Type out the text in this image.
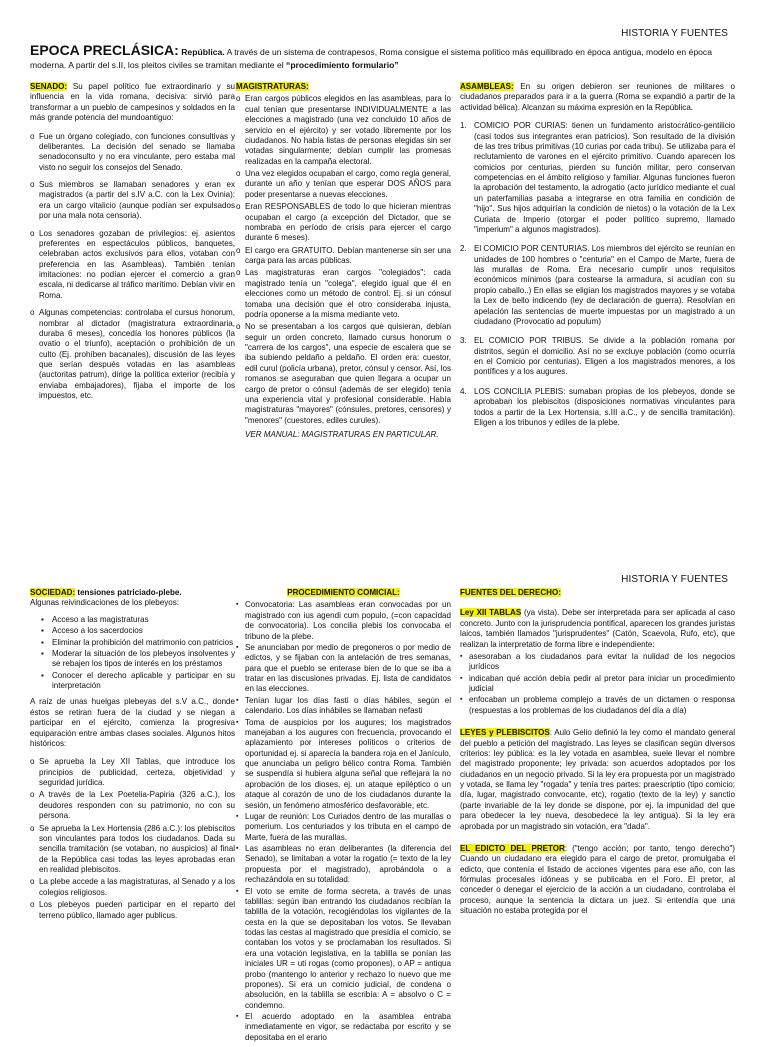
HISTORIA Y FUENTES
EPOCA PRECLÁSICA: República. A través de un sistema de contrapesos, Roma consigue el sistema político más equilibrado en época antigua, modelo en época moderna. A partir del s.II, los pleitos civiles se tramitan mediante el “procedimiento formulario”

SENADO: Su papel político fue extraordinario y su influencia en la vida romana, decisiva: sirvió para transformar a un pueblo de campesinos y soldados en la más grande potencia del mundoantiguo:

o Fue un órgano colegiado, con funciones consultivas y deliberantes. La decisión del senado se llamaba senadoconsulto y no era vinculante, pero estaba mal visto no seguir los consejos del Senado.
o Sus miembros se llamaban senadores y eran ex magistrados (a partir del s.IV a.C. con la Lex Ovinia): era un cargo vitalicio (aunque podían ser expulsados por una mala nota censoria).
o Los senadores gozaban de privilegios: ej. asientos preferentes en espectáculos públicos, banquetes, celebraban actos exclusivos para ellos, votaban con preferencia en las Asambleas). También tenían imitaciones: no podían ejercer el comercio a gran escala, ni dedicarse al tráfico marítimo. Debían vivir en Roma.
o Algunas competencias: controlaba el cursus honorum, nombrar al dictador (magistratura extraordinaria, duraba 6 meses), concedía los honores públicos (la ovatio o el triunfo), aceptación o prohibición de un culto (Ej. prohíben bacanales), discusión de las leyes que serían después votadas en las asambleas (auctoritas patrum), dirige la política exterior (recibía y enviaba embajadores), fijaba el importe de los impuestos, etc.

MAGISTRATURAS:

o Eran cargos públicos elegidos en las asambleas, para lo cual tenían que presentarse INDIVIDUALMENTE a las elecciones a magistrado (una vez concluido 10 años de servicio en el ejército) y ser votado libremente por los ciudadanos. No había listas de personas elegidas sin ser votadas singularmente; debían cumplir las promesas realizadas en la campaña electoral.
o Una vez elegidos ocupaban el cargo, como regla general, durante un año y tenían que esperar DOS AÑOS para poder presentarse a nuevas elecciones.
o Eran RESPONSABLES de todo lo que hicieran mientras ocupaban el cargo (a excepción del Dictador, que se nombraba en período de crisis para ejercer el cargo durante 6 meses).
o El cargo era GRATUITO. Debían mantenerse sin ser una carga para las arcas públicas.
o Las magistraturas eran cargos "colegiados": cada magistrado tenía un "colega", elegido igual que él en elecciones como un método de control. Ej. si un cónsul tomaba una decisión que el otro consideraba injusta, podría oponerse a la misma mediante veto.
o No se presentaban a los cargos que quisieran, debían seguir un orden concreto, llamado cursus honorum o "carrera de los cargos", una especie de escalera que se iba subiendo peldaño a peldaño. El orden era: cuestor, edil curul (policía urbana), pretor, cónsul y censor. Así, los romanos se aseguraban que quien llegara a ocupar un cargo de pretor o cónsul (además de ser elegido) tenía una experiencia vital y profesional considerable. Había magistraturas "mayores" (cónsules, pretores, censores) y "menores" (cuestores, ediles curules).
VER MANUAL: MAGISTRATURAS EN PARTICULAR.

ASAMBLEAS: En su origen debieron ser reuniones de militares o ciudadanos preparados para ir a la guerra (Roma se expandió a partir de la actividad bélica). Alcanzan su máxima expresión en la República.

1. COMICIO POR CURIAS: tienen un fundamento aristocrático-gentilicio (casi todos sus integrantes eran patricios). Son resultado de la división de las tres tribus primitivas (10 curias por cada tribu). Se utilizaba para el reclutamiento de varones en el ejército primitivo. Cuando aparecen los comicios por centurias, pierden su función militar, pero conservan competencias en el ámbito religioso y familiar. Algunas funciones fueron la aprobación del testamento, la adrogatio (acto jurídico mediante el cual un paterfamilias pasaba a integrarse en otra familia en condición de "hijo". Sus hijos adquirían la condición de nietos) o la votación de la Lex Curiata de Imperio (otorgar el poder político supremo, llamado "imperium" a algunos magistrados).
2. El COMICIO POR CENTURIAS. Los miembros del ejército se reunían en unidades de 100 hombres o "centuria" en el Campo de Marte, fuera de las murallas de Roma. Era necesario cumplir unos requisitos económicos mínimos (para costearse la armadura, si acudían con su propio caballo..) En ellas se eligían los magistrados mayores y se votaba la Lex de bello indicendo (ley de declaración de guerra). Resolvían en apelación las sentencias de muerte impuestas por un magistrado a un ciudadano (Provocatio ad populum)
3. EL COMICIO POR TRIBUS. Se divide a la población romana por distritos, según el domicilio. Así no se excluye población (como ocurría en el Comicio por centurias). Eligen a los magistrados menores, a los pontífices y a los augures.
4. LOS CONCILIA PLEBIS: sumaban propias de los plebeyos, donde se aprobaban los plebiscitos (disposiciones normativas vinculantes para todos a partir de la Lex Hortensia, s.III a.C., y de sencilla tramitación). Eligen a los tribunos y ediles de la plebe.
HISTORIA Y FUENTES

SOCIEDAD: tensiones patriciado-plebe.

Algunas reivindicaciones de los plebeyos:

▪ Acceso a las magistraturas
▪ Acceso a los sacerdocios
▪ Eliminar la prohibición del matrimonio con patricios
▪ Moderar la situación de los plebeyos insolventes y se rebajen los tipos de interés en los préstamos
▪ Conocer el derecho aplicable y participar en su interpretación

A raíz de unas huelgas plebeyas del s.V a.C., donde éstos se retiran fuera de la ciudad y se niegan a participar en el ejército, comienza la progresiva equiparación entre ambas clases sociales. Algunos hitos históricos:

o Se aprueba la Ley XII Tablas, que introduce los principios de publicidad, certeza, objetividad y seguridad jurídica.
o A través de la Lex Poetelia-Papiria (326 a.C.), los deudores responden con su patrimonio, no con su persona.
o Se aprueba la Lex Hortensia (286 a.C.): los plebiscitos son vinculantes para todos los ciudadanos. Dada su sencilla tramitación (se votaban, no auspicios) al final de la República casi todas las leyes aprobadas eran en realidad plebiscitos.
o La plebe accede a las magistraturas, al Senado y a los colegios religiosos.
o Los plebeyos pueden participar en el reparto del terreno público, llamado ager publicus.

PROCEDIMIENTO COMICIAL:

▪ Convocatoria: Las asambleas eran convocadas por un magistrado con ius agendi cum populo, (=con capacidad de convocatoria). Los concilia plebis los convocaba el tribuno de la plebe.
▪ Se anunciaban por medio de pregoneros o por medio de edictos, y se fijaban con la antelación de tres semanas, para que el pueblo se enterase bien de lo que se iba a tratar en las discusiones privadas. Ej. lista de candidatos en las elecciones.
▪ Tenían lugar los días fasti o días hábiles, según el calendario. Los días inhábiles se llamaban nefasti
▪ Toma de auspicios por los augures; los magistrados manejaban a los augures con frecuencia, provocando el aplazamiento por intereses políticos o criterios de oportunidad ej. si aparecía la bandera roja en el Janículo, que anunciaba un peligro bélico contra Roma. También se suspendía si hubiera alguna señal que reflejara la no aprobación de los dioses, ej. un ataque epiléptico o un ataque al corazón de uno de los ciudadanos durante la sesión, un fenómeno atmosférico desfavorable, etc.
▪ Lugar de reunión: Los Curiados dentro de las murallas o pomerium. Los centuriados y los tributa en el campo de Marte, fuera de las murallas.
▪ Las asambleas no eran deliberantes (la diferencia del Senado), se limitaban a votar la rogatio (= texto de la ley propuesta por el magistrado), aprobándola o a rechazándola en su totalidad.
▪ El voto se emite de forma secreta, a través de unas tablillas: según iban entrando los ciudadanos recibían la tablilla de la votación, recogiéndolas los vigilantes de la cesta en la que se depositaban los votos. Se llevaban todas las cestas al magistrado que presidía el comicio, se contaban los votos y se proclamaban los resultados. Si era una votación legislativa, en la tablilla se ponían las iniciales UR = uti rogas (como propones), o AP = antiqua probo (mantengo lo anterior y rechazo lo nuevo que me propones). Si era un comicio judicial, de condena o absolución, en la tablilla se escribía: A = absolvo o C = condemno.
▪ El acuerdo adoptado en la asamblea entraba inmediatamente en vigor, se redactaba por escrito y se depositaba en el erario

FUENTES DEL DERECHO:

Ley XII TABLAS (ya vista). Debe ser interpretada para ser aplicada al caso concreto. Junto con la jurisprudencia pontifical, aparecen los grandes juristas laicos, también llamados "jurisprudentes" (Catón, Scaevola, Rufo, etc), que realizan la interpretatio de forma libre e independiente:

▪ asesoraban a los ciudadanos para evitar la nulidad de los negocios jurídicos
▪ indicaban qué acción debía pedir al pretor para iniciar un procedimiento judicial
▪ enfocaban un problema complejo a través de un dictamen o responsa (respuestas a los problemas de los ciudadanos del día a día)

LEYES y PLEBISCITOS: Aulo Gelio definió la ley como el mandato general del pueblo a petición del magistrado. Las leyes se clasifican según diversos criterios: ley pública: es la ley votada en asamblea, suele llevar el nombre del magistrado proponente; ley privada: son acuerdos adoptados por los ciudadanos en un negocio privado. Si la ley era propuesta por un magistrado y votada, se llama ley "rogada" y tenía tres partes: praescriptio (tipo comicio; día, lugar, magistrado convocante, etc), rogatio (texto de la ley) y sanctio (parte invariable de la ley donde se dispone, por ej. la impunidad del que para obedecer la ley nueva, desobedece la ley antigua). Si la ley era aprobada por un magistrado sin votación, era "dada".

EL EDICTO DEL PRETOR: ("tengo acción; por tanto, tengo derecho") Cuando un ciudadano era elegido para el cargo de pretor, promulgaba el edicto, que contenía el listado de acciones vigentes para ese año, con las fórmulas procesales idóneas y se publicaba en el Foro. El pretor, al conceder o denegar el ejercicio de la acción a un ciudadano, controlaba el proceso, aunque la sentencia la dictara un juez. Si entendía que una situación no estaba protegida por el
